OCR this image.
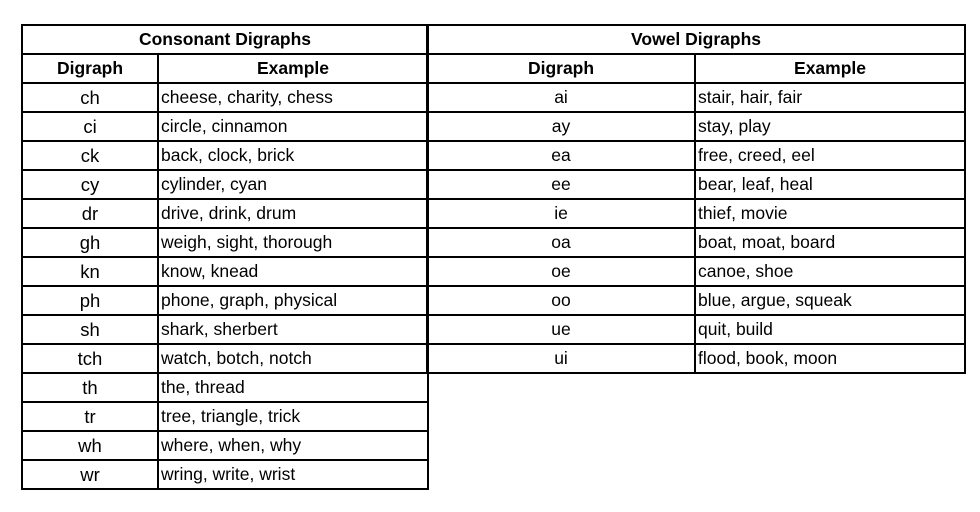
Consonant Digraphs	
Digraph	Example
ch	cheese, charity, chess
ci	circle, cinnamon
ck	back, clock, brick
cy	cylinder, cyan
dr	drive, drink, drum
gh	weigh, sight, thorough
kn	know, knead
ph	phone, graph, physical
sh	shark, sherbert
tch	watch, botch, notch
th	the, thread
tr	tree, triangle, trick
wh	where, when, why
wr	wring, write, wrist
Vowel Digraphs	
Digraph	Example
ai	stair, hair, fair
ay	stay, play
ea	free, creed, eel
ee	bear, leaf, heal
ie	thief, movie
oa	boat, moat, board
oe	canoe, shoe
oo	blue, argue, squeak
ue	quit, build
ui	flood, book, moon
